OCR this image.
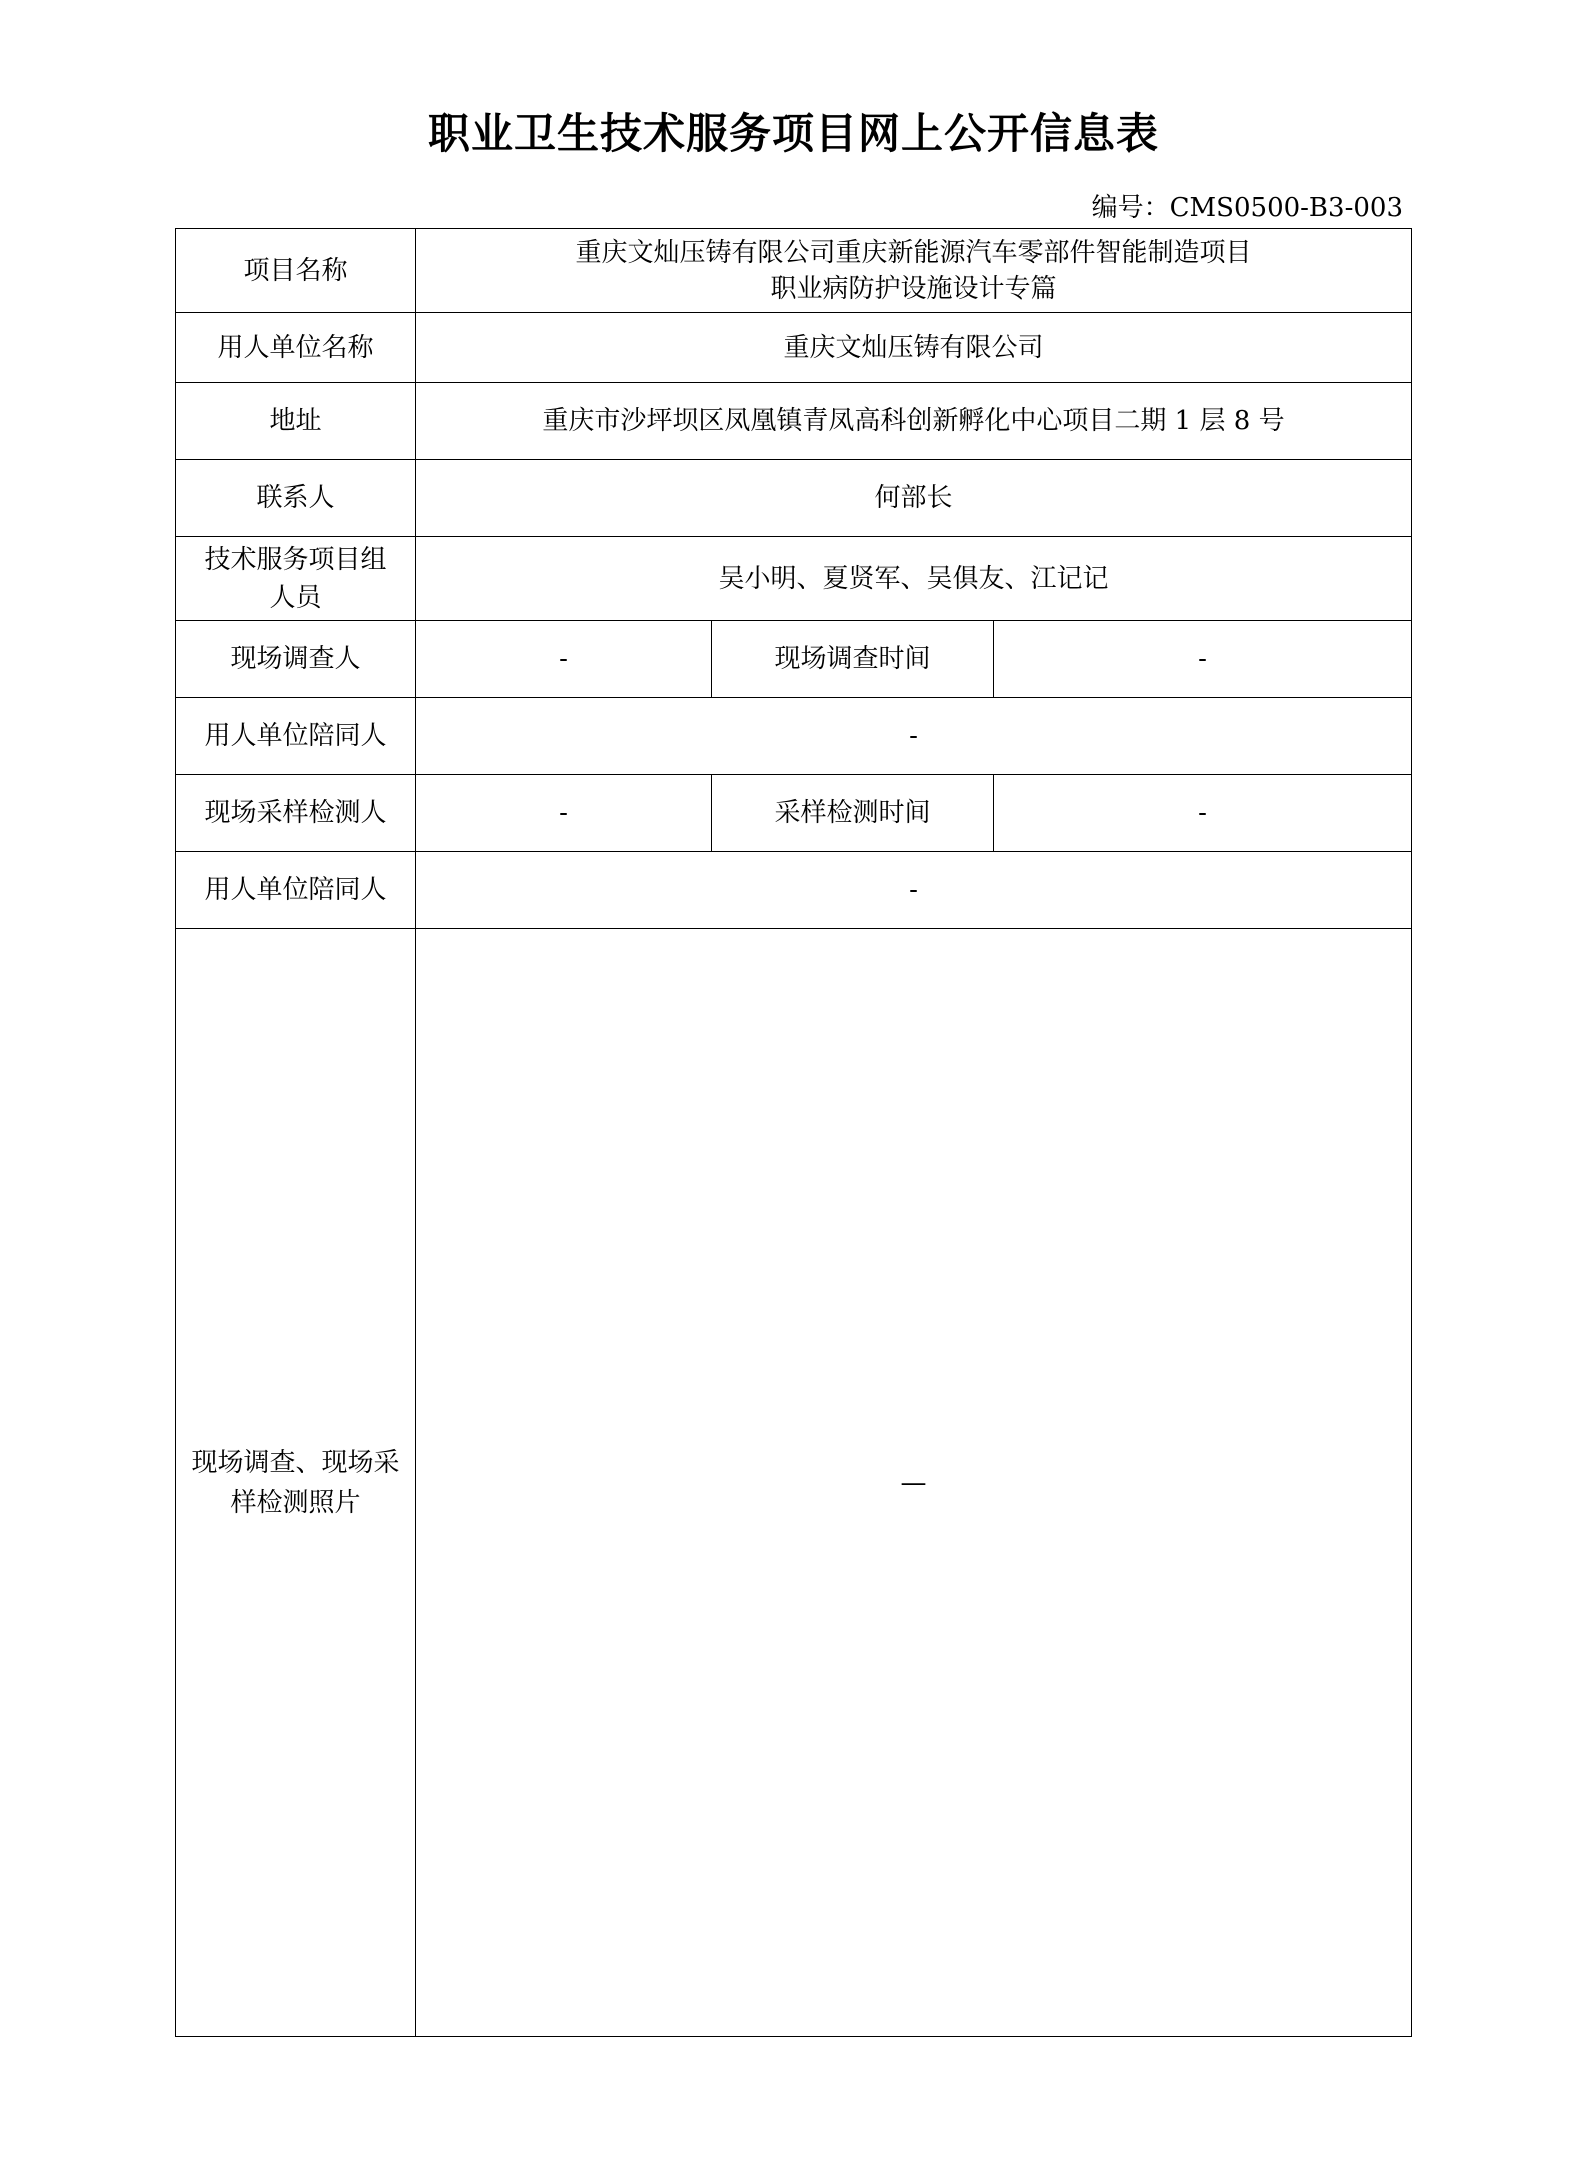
职业卫生技术服务项目网上公开信息表
编号：CMS0500-B3-003
项目名称	重庆文灿压铸有限公司重庆新能源汽车零部件智能制造项目
职业病防护设施设计专篇		

用人单位名称	重庆文灿压铸有限公司		
地址	重庆市沙坪坝区凤凰镇青凤高科创新孵化中心项目二期 1 层 8 号		
联系人	何部长		

技术服务项目组
人员	吴小明、夏贤军、吴俱友、江记记		
现场调查人	-	现场调查时间	-
用人单位陪同人	-		
现场采样检测人	-	采样检测时间	-
用人单位陪同人	-		

现场调查、现场采
样检测照片	—		
